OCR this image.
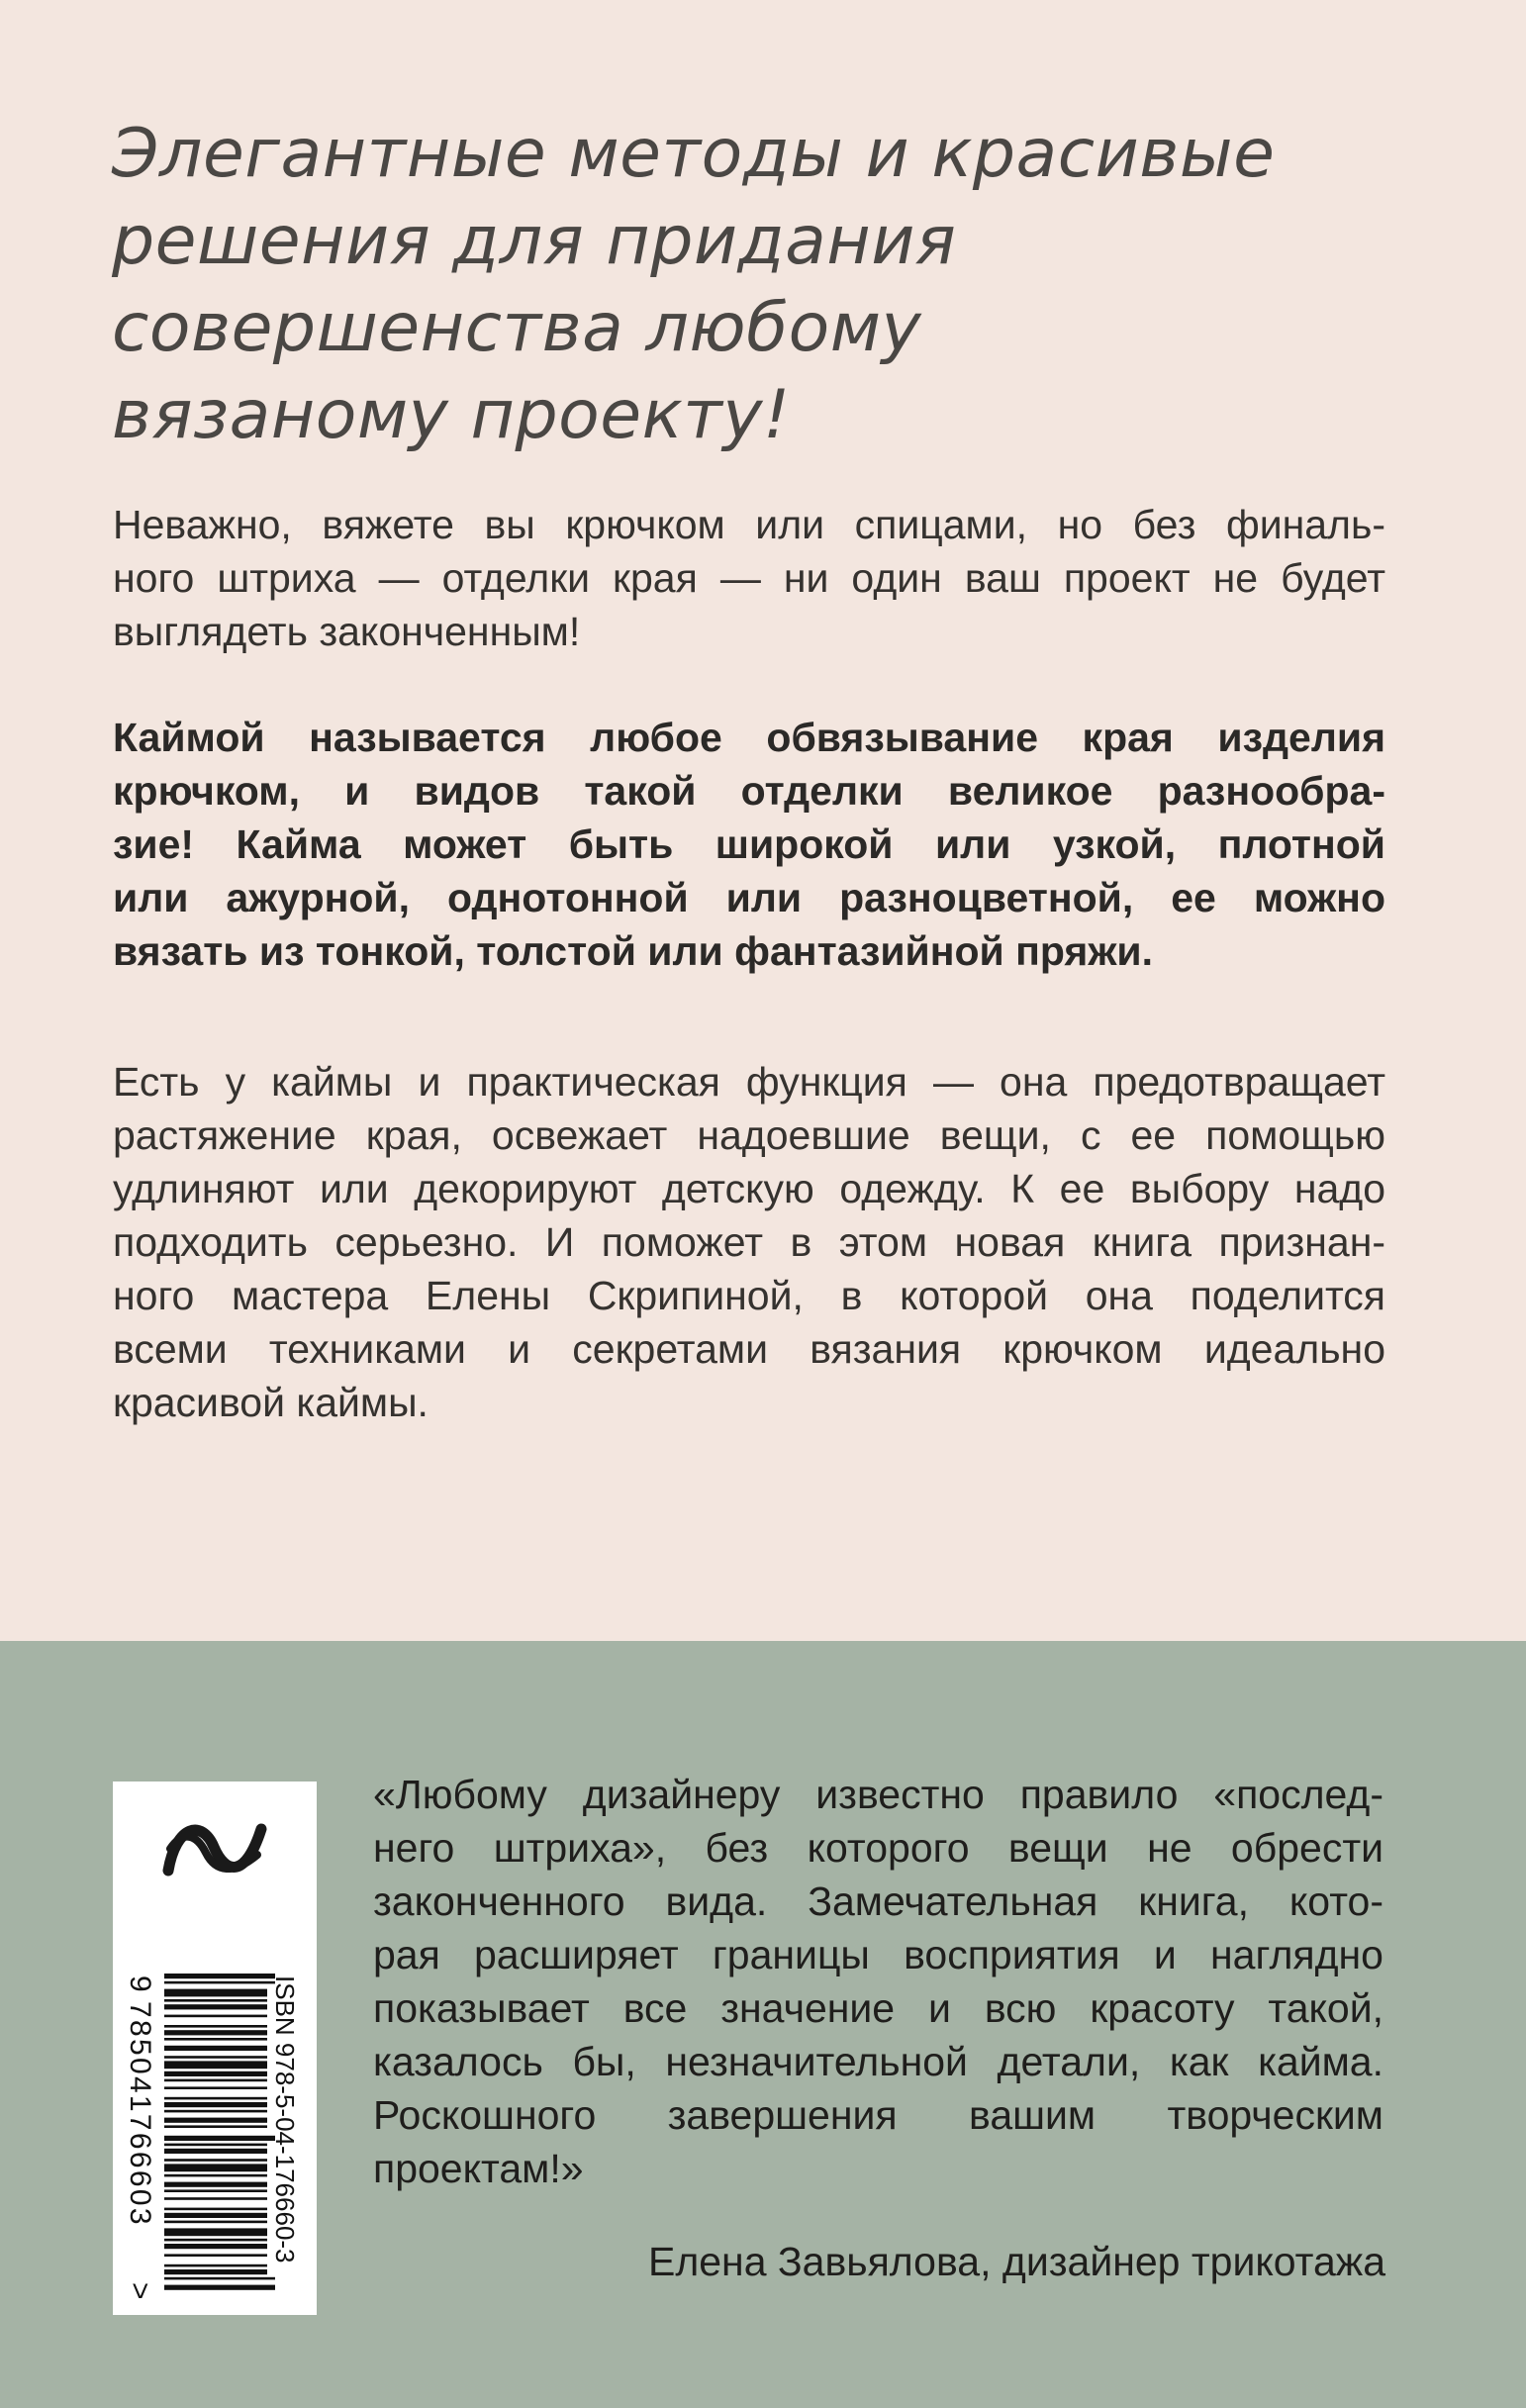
Элегантные методы и красивые
решения для придания
совершенства любому
вязаному проекту!

Неважно, вяжете вы крючком или спицами, но без финаль-
ного штриха — отделки края — ни один ваш проект не будет
выглядеть законченным!

Каймой называется любое обвязывание края изделия
крючком, и видов такой отделки великое разнообра-
зие! Кайма может быть широкой или узкой, плотной
или ажурной, однотонной или разноцветной, ее можно
вязать из тонкой, толстой или фантазийной пряжи.

Есть у каймы и практическая функция — она предотвращает
растяжение края, освежает надоевшие вещи, с ее помощью
удлиняют или декорируют детскую одежду. К ее выбору надо
подходить серьезно. И поможет в этом новая книга признан-
ного мастера Елены Скрипиной, в которой она поделится
всеми техниками и секретами вязания крючком идеально
красивой каймы.

ISBN 978-5-04-176660-3
9
785041766603
>
«Любому дизайнеру известно правило «послед-
него штриха», без которого вещи не обрести
законченного вида. Замечательная книга, кото-
рая расширяет границы восприятия и наглядно
показывает все значение и всю красоту такой,
казалось бы, незначительной детали, как кайма.
Роскошного завершения вашим творческим
проектам!»

Елена Завьялова, дизайнер трикотажа
